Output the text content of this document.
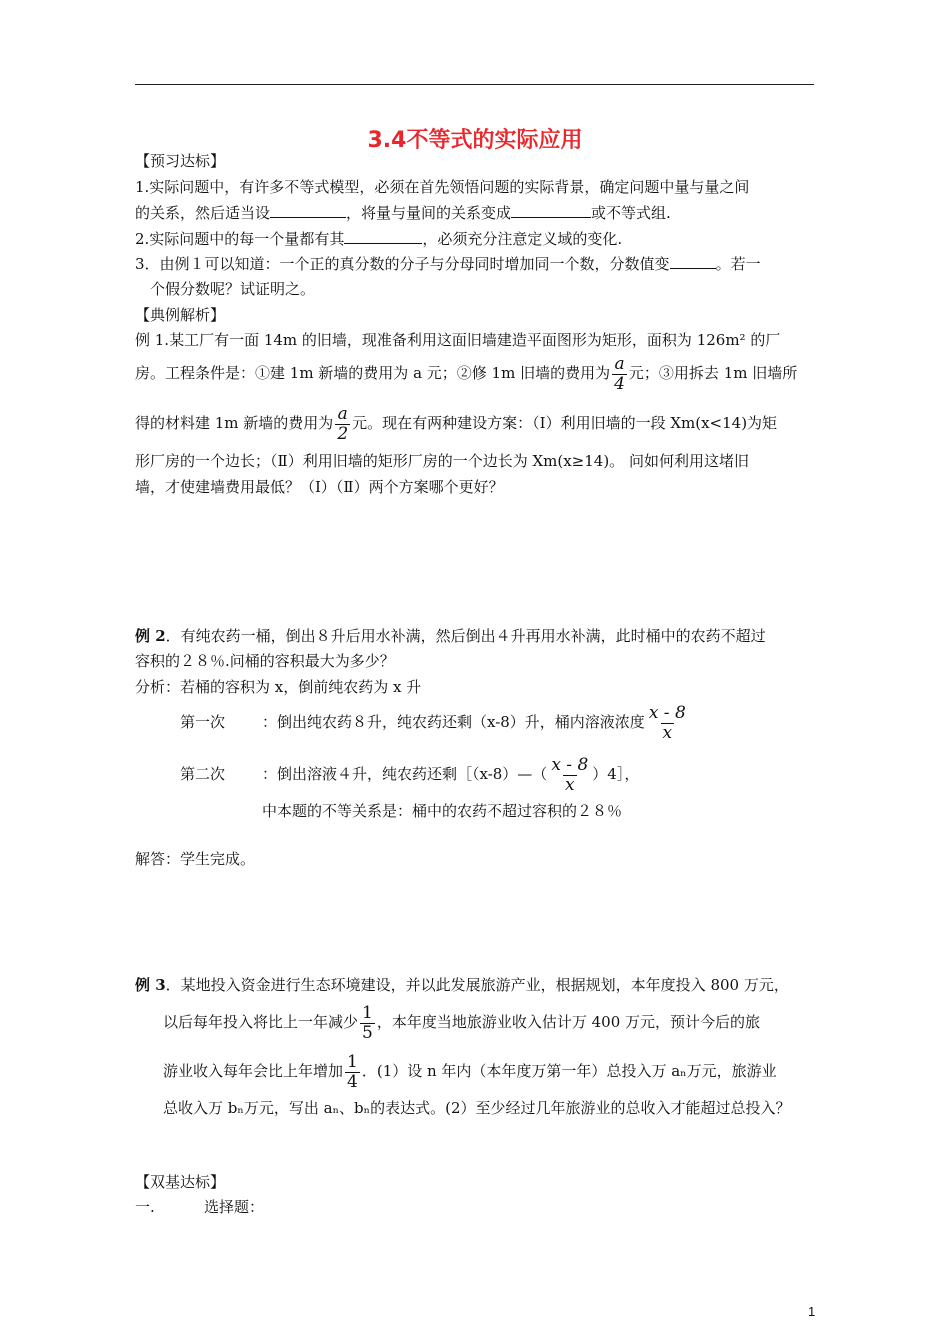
3.4不等式的实际应用
【预习达标】
1.实际问题中，有许多不等式模型，必须在首先领悟问题的实际背景，确定问题中量与量之间
的关系，然后适当设	，将量与量间的关系变成	或不等式组.
2.实际问题中的每一个量都有其	，必须充分注意定义域的变化.
3．由例１可以知道：一个正的真分数的分子与分母同时增加同一个数，分数值变	。若一
个假分数呢？试证明之。
【典例解析】
例 1.某工厂有一面 14m 的旧墙，现准备利用这面旧墙建造平面图形为矩形，面积为 126m² 的厂
房。工程条件是：①建 1m 新墙的费用为 a 元；②修 1m 旧墙的费用为 $\frac{a}{4}$ 元；③用拆去 1m 旧墙所
得的材料建 1m 新墙的费用为 $\frac{a}{2}$ 元。现在有两种建设方案：（Ⅰ）利用旧墙的一段 Xm(x<14)为矩
形厂房的一个边长；（Ⅱ）利用旧墙的矩形厂房的一个边长为 Xm(x≥14)。 问如何利用这堵旧
墙，才使建墙费用最低？（Ⅰ）（Ⅱ）两个方案哪个更好？
例 2．有纯农药一桶，倒出８升后用水补满，然后倒出４升再用水补满，此时桶中的农药不超过
容积的２８％.问桶的容积最大为多少？
分析：若桶的容积为 x，倒前纯农药为 x 升
第一次 ：倒出纯农药８升，纯农药还剩（x-8）升，桶内溶液浓度 $\frac{x - 8}{x}$
第二次 ：倒出溶液４升，纯农药还剩［（x-8）—（ $\frac{x - 8}{x}$ ）4］，
中本题的不等关系是：桶中的农药不超过容积的２８％
解答：学生完成。
例 3．某地投入资金进行生态环境建设，并以此发展旅游产业，根据规划，本年度投入 800 万元，
以后每年投入将比上一年减少 $\frac{1}{5}$ ，本年度当地旅游业收入估计万 400 万元，预计今后的旅
游业收入每年会比上年增加 $\frac{1}{4}$ ．(1）设 n 年内（本年度万第一年）总投入万 aₙ万元，旅游业
总收入万 bₙ万元，写出 aₙ、bₙ的表达式。(2）至少经过几年旅游业的总收入才能超过总投入？
【双基达标】
一.	选择题：
1
